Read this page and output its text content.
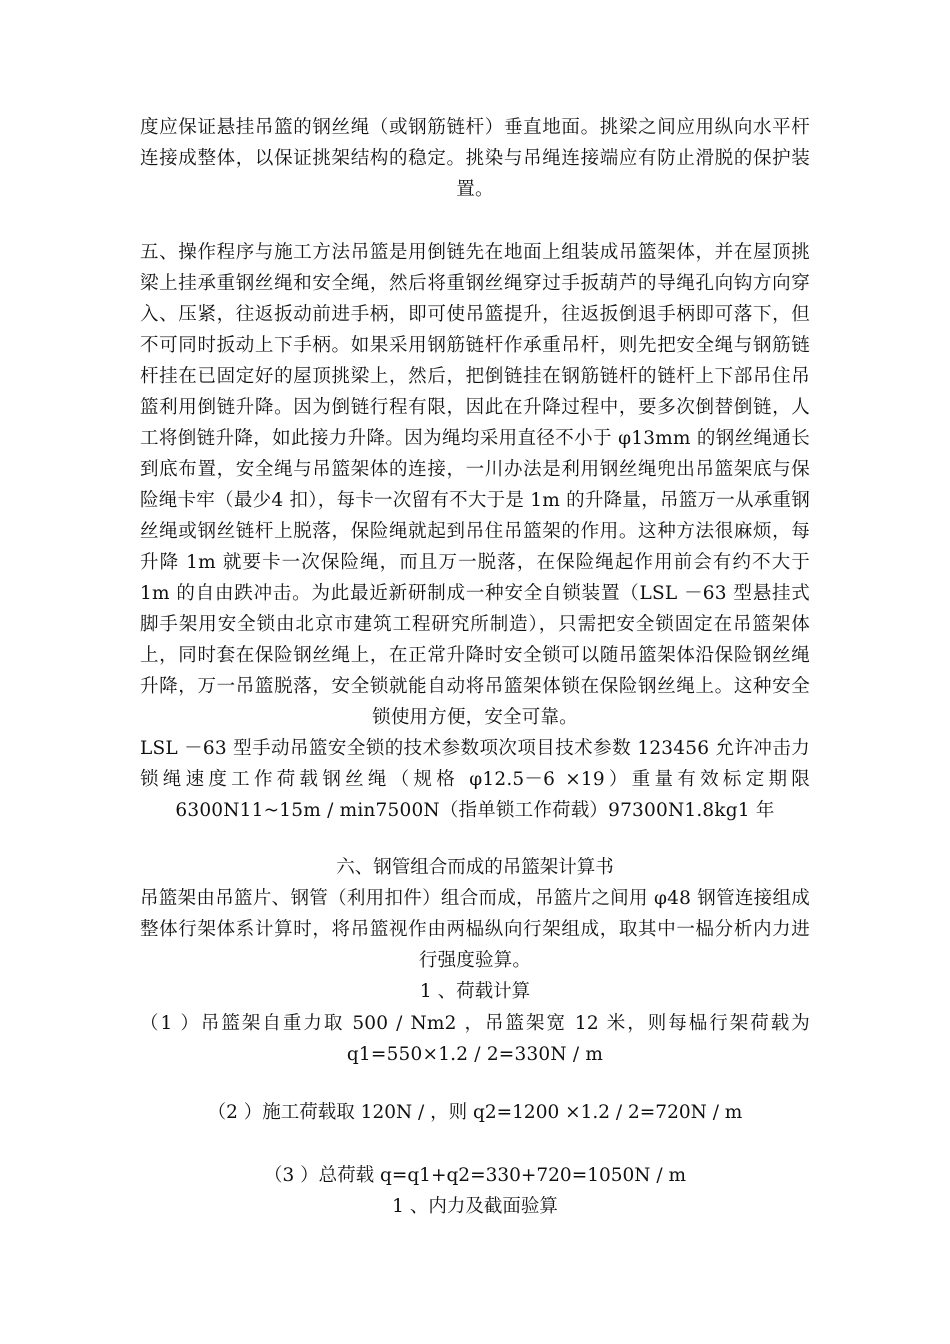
度应保证悬挂吊篮的钢丝绳（或钢筋链杆）垂直地面。挑梁之间应用纵向水平杆连接成整体，以保证挑架结构的稳定。挑染与吊绳连接端应有防止滑脱的保护装置。

五、操作程序与施工方法吊篮是用倒链先在地面上组装成吊篮架体，并在屋顶挑梁上挂承重钢丝绳和安全绳，然后将重钢丝绳穿过手扳葫芦的导绳孔向钩方向穿入、压紧，往返扳动前进手柄，即可使吊篮提升，往返扳倒退手柄即可落下，但不可同时扳动上下手柄。如果采用钢筋链杆作承重吊杆，则先把安全绳与钢筋链杆挂在已固定好的屋顶挑梁上，然后，把倒链挂在钢筋链杆的链杆上下部吊住吊篮利用倒链升降。因为倒链行程有限，因此在升降过程中，要多次倒替倒链，人工将倒链升降，如此接力升降。因为绳均采用直径不小于 φ13mm 的钢丝绳通长到底布置，安全绳与吊篮架体的连接，一川办法是利用钢丝绳兜出吊篮架底与保险绳卡牢（最少4 扣），每卡一次留有不大于是 1m 的升降量，吊篮万一从承重钢丝绳或钢丝链杆上脱落，保险绳就起到吊住吊篮架的作用。这种方法很麻烦，每升降 1m 就要卡一次保险绳，而且万一脱落，在保险绳起作用前会有约不大于 1m 的自由跌冲击。为此最近新研制成一种安全自锁装置（LSL －63 型悬挂式脚手架用安全锁由北京市建筑工程研究所制造），只需把安全锁固定在吊篮架体上，同时套在保险钢丝绳上，在正常升降时安全锁可以随吊篮架体沿保险钢丝绳升降，万一吊篮脱落，安全锁就能自动将吊篮架体锁在保险钢丝绳上。这种安全锁使用方便，安全可靠。

LSL －63 型手动吊篮安全锁的技术参数项次项目技术参数 123456 允许冲击力锁绳速度工作荷载钢丝绳（规格 φ12.5－6 ×19）重量有效标定期限 6300N11~15m / min7500N（指单锁工作荷载）97300N1.8kg1 年

六、钢管组合而成的吊篮架计算书

吊篮架由吊篮片、钢管（利用扣件）组合而成，吊篮片之间用 φ48 钢管连接组成整体行架体系计算时，将吊篮视作由两榀纵向行架组成，取其中一榀分析内力进行强度验算。

1 、荷载计算

（1 ）吊篮架自重力取 500 / Nm2 ，吊篮架宽 12 米，则每榀行架荷载为 q1=550×1.2 / 2=330N / m

（2 ）施工荷载取 120N / ，则 q2=1200 ×1.2 / 2=720N / m

（3 ）总荷载 q=q1+q2=330+720=1050N / m

1 、内力及截面验算
